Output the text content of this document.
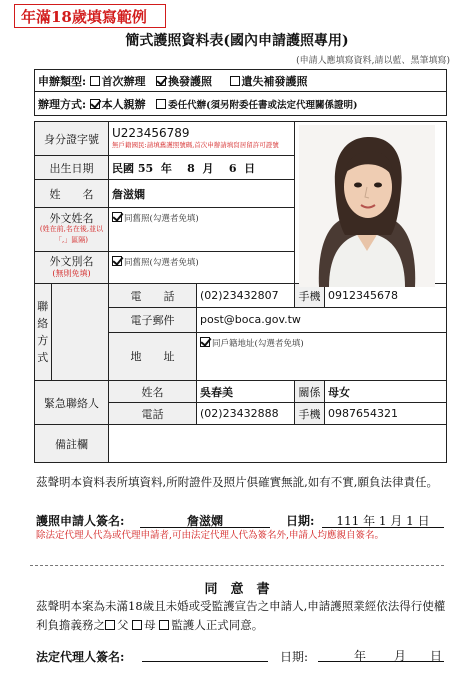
年滿18歲填寫範例
簡式護照資料表(國內申請護照專用)
(申請人應填寫資料,請以藍、黑筆填寫)
申辦類型: 首次辦理 換發護照	遺失補發護照
辦理方式: 本人親辦 委任代辦(須另附委任書或法定代理關係證明)

身分證字號	U223456789
無戶籍國民:請填舊護照號碼,首次申辦請填寫居留許可證號

出生日期	民國 55 年 8 月 6 日
姓　　名	詹滋嫻

外文姓名
(姓在前,名在後,並以「,」區隔)
	同舊照(勾選者免填)

外文別名
(無則免填)
	同舊照(勾選者免填)

聯絡方式	
	電　　話	(02)23432807	手機	0912345678
電子郵件	post@boca.gov.tw
地　　址	同戶籍地址(勾選者免填)
緊急聯絡人	姓名	吳春美	關係	母女
電話	(02)23432888	手機	0987654321
備註欄	
茲聲明本資料表所填資料,所附證件及照片俱確實無訛,如有不實,願負法律責任。
護照申請人簽名:	詹滋嫻	日期:	111 年 1 月 1 日
除法定代理人代為或代理申請者,可由法定代理人代為簽名外,申請人均應親自簽名。
同　意　書
茲聲明本案為未滿18歲且未婚或受監護宣告之申請人,申請護照業經依法得行使權利負擔義務之 父 母 監護人正式同意。
法定代理人簽名:	日期:	年 月 日
